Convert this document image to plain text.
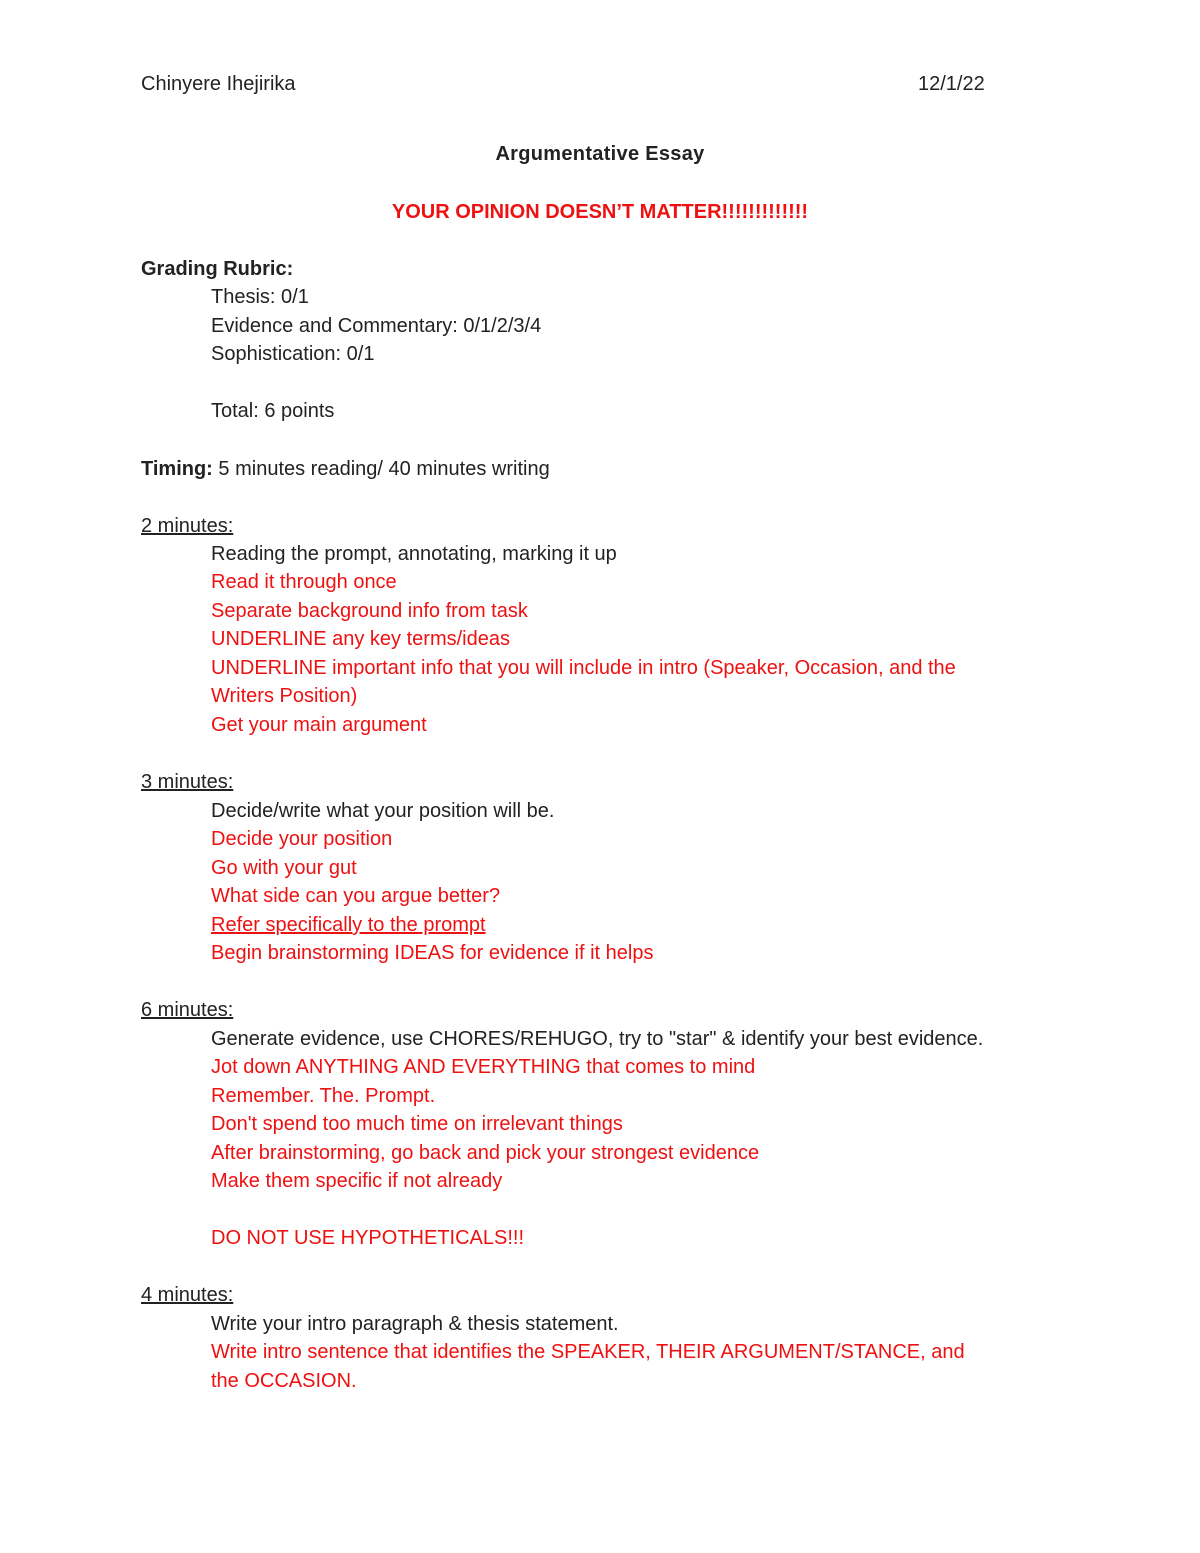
Chinyere Ihejirika	12/1/22

Argumentative Essay

YOUR OPINION DOESN’T MATTER!!!!!!!!!!!!!

Grading Rubric:

Thesis: 0/1

Evidence and Commentary: 0/1/2/3/4

Sophistication: 0/1

Total: 6 points

Timing: 5 minutes reading/ 40 minutes writing

2 minutes:

Reading the prompt, annotating, marking it up

Read it through once

Separate background info from task

UNDERLINE any key terms/ideas

UNDERLINE important info that you will include in intro (Speaker, Occasion, and the

Writers Position)

Get your main argument

3 minutes:

Decide/write what your position will be.

Decide your position

Go with your gut

What side can you argue better?

Refer specifically to the prompt

Begin brainstorming IDEAS for evidence if it helps

6 minutes:

Generate evidence, use CHORES/REHUGO, try to "star" & identify your best evidence.

Jot down ANYTHING AND EVERYTHING that comes to mind

Remember. The. Prompt.

Don't spend too much time on irrelevant things

After brainstorming, go back and pick your strongest evidence

Make them specific if not already

DO NOT USE HYPOTHETICALS!!!

4 minutes:

Write your intro paragraph & thesis statement.

Write intro sentence that identifies the SPEAKER, THEIR ARGUMENT/STANCE, and

the OCCASION.
